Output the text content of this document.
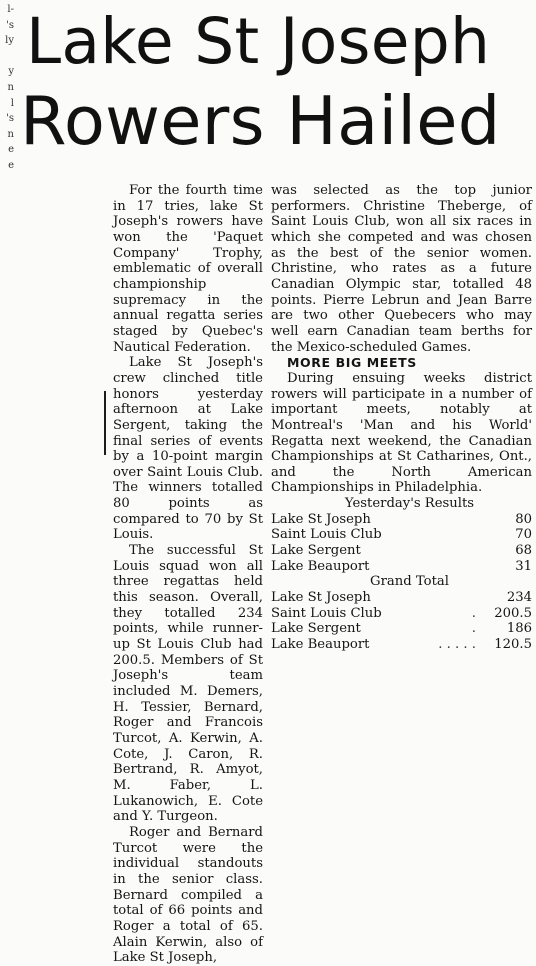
l-
's
ly
y
n
l
's
n
e
e
Lake St Joseph
Rowers Hailed

For the fourth time in 17 tries, lake St Joseph's rowers have won the 'Paquet Company' Trophy, emblematic of overall championship supremacy in the annual regatta series staged by Quebec's Nautical Federation.

Lake St Joseph's crew clinched title honors yesterday afternoon at Lake Sergent, taking the final series of events by a 10-point margin over Saint Louis Club. The winners totalled 80 points as compared to 70 by St Louis.

The successful St Louis squad won all three regattas held this season. Overall, they totalled 234 points, while runner-up St Louis Club had 200.5. Members of St Joseph's team included M. Demers, H. Tessier, Bernard, Roger and Francois Turcot, A. Kerwin, A. Cote, J. Caron, R. Bertrand, R. Amyot, M. Faber, L. Lukanowich, E. Cote and Y. Turgeon.

Roger and Bernard Turcot were the individual standouts in the senior class. Bernard compiled a total of 66 points and Roger a total of 65. Alain Kerwin, also of Lake St Joseph,

was selected as the top junior performers. Christine Theberge, of Saint Louis Club, won all six races in which she competed and was chosen as the best of the senior women. Christine, who rates as a future Canadian Olympic star, totalled 48 points. Pierre Lebrun and Jean Barre are two other Quebecers who may well earn Canadian team berths for the Mexico-scheduled Games.

MORE BIG MEETS

During ensuing weeks district rowers will participate in a number of important meets, notably at Montreal's 'Man and his World' Regatta next weekend, the Canadian Championships at St Catharines, Ont., and the North American Championships in Philadelphia.

Yesterday's Results

Lake St Joseph	80
Saint Louis Club	70
Lake Sergent	68
Lake Beauport	31

Grand Total

Lake St Joseph		234
Saint Louis Club	.	200.5
Lake Sergent	.	186
Lake Beauport	. . . . .	120.5
